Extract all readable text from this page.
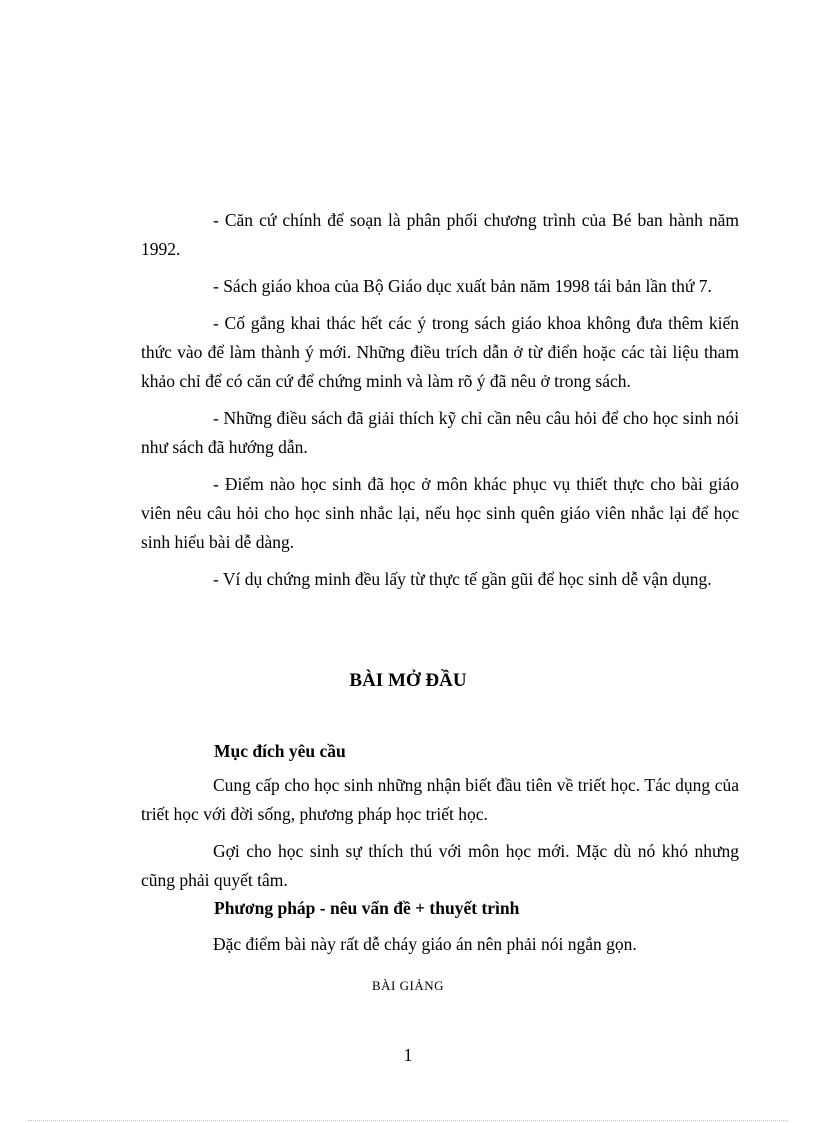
- Căn cứ chính để soạn là phân phối chương trình của Bé ban hành năm 1992.

- Sách giáo khoa của Bộ Giáo dục xuất bản năm 1998 tái bản lần thứ 7.

- Cố gắng khai thác hết các ý trong sách giáo khoa không đưa thêm kiến thức vào để làm thành ý mới. Những điều trích dẫn ở từ điển hoặc các tài liệu tham khảo chỉ để có căn cứ để chứng minh và làm rõ ý đã nêu ở trong sách.

- Những điều sách đã giải thích kỹ chỉ cần nêu câu hỏi để cho học sinh nói như sách đã hướng dẫn.

- Điểm nào học sinh đã học ở môn khác phục vụ thiết thực cho bài giáo viên nêu câu hỏi cho học sinh nhắc lại, nếu học sinh quên giáo viên nhắc lại để học sinh hiểu bài dễ dàng.

- Ví dụ chứng minh đều lấy từ thực tế gần gũi để học sinh dễ vận dụng.

BÀI MỞ ĐẦU
Mục đích yêu cầu

Cung cấp cho học sinh những nhận biết đầu tiên về triết học. Tác dụng của triết học với đời sống, phương pháp học triết học.

Gợi cho học sinh sự thích thú với môn học mới. Mặc dù nó khó nhưng cũng phải quyết tâm.

Phương pháp - nêu vấn đề + thuyết trình

Đặc điểm bài này rất dễ cháy giáo án nên phải nói ngắn gọn.

BÀI GIẢNG
1
